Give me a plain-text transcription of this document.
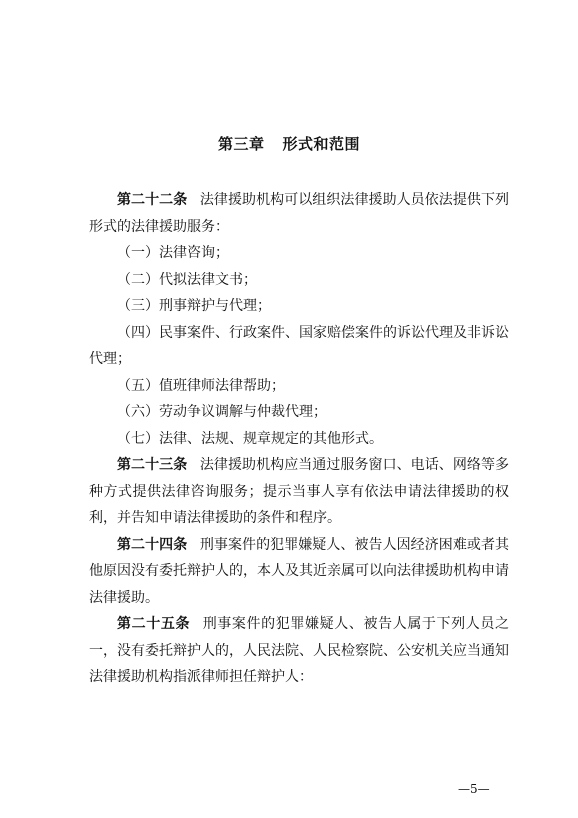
第三章 形式和范围

第二十二条 法律援助机构可以组织法律援助人员依法提供下列形式的法律援助服务：

（一）法律咨询；

（二）代拟法律文书；

（三）刑事辩护与代理；

（四）民事案件、行政案件、国家赔偿案件的诉讼代理及非诉讼代理；

（五）值班律师法律帮助；

（六）劳动争议调解与仲裁代理；

（七）法律、法规、规章规定的其他形式。

第二十三条 法律援助机构应当通过服务窗口、电话、网络等多种方式提供法律咨询服务；提示当事人享有依法申请法律援助的权利，并告知申请法律援助的条件和程序。

第二十四条 刑事案件的犯罪嫌疑人、被告人因经济困难或者其他原因没有委托辩护人的，本人及其近亲属可以向法律援助机构申请法律援助。

第二十五条 刑事案件的犯罪嫌疑人、被告人属于下列人员之一，没有委托辩护人的，人民法院、人民检察院、公安机关应当通知法律援助机构指派律师担任辩护人：

—5—
